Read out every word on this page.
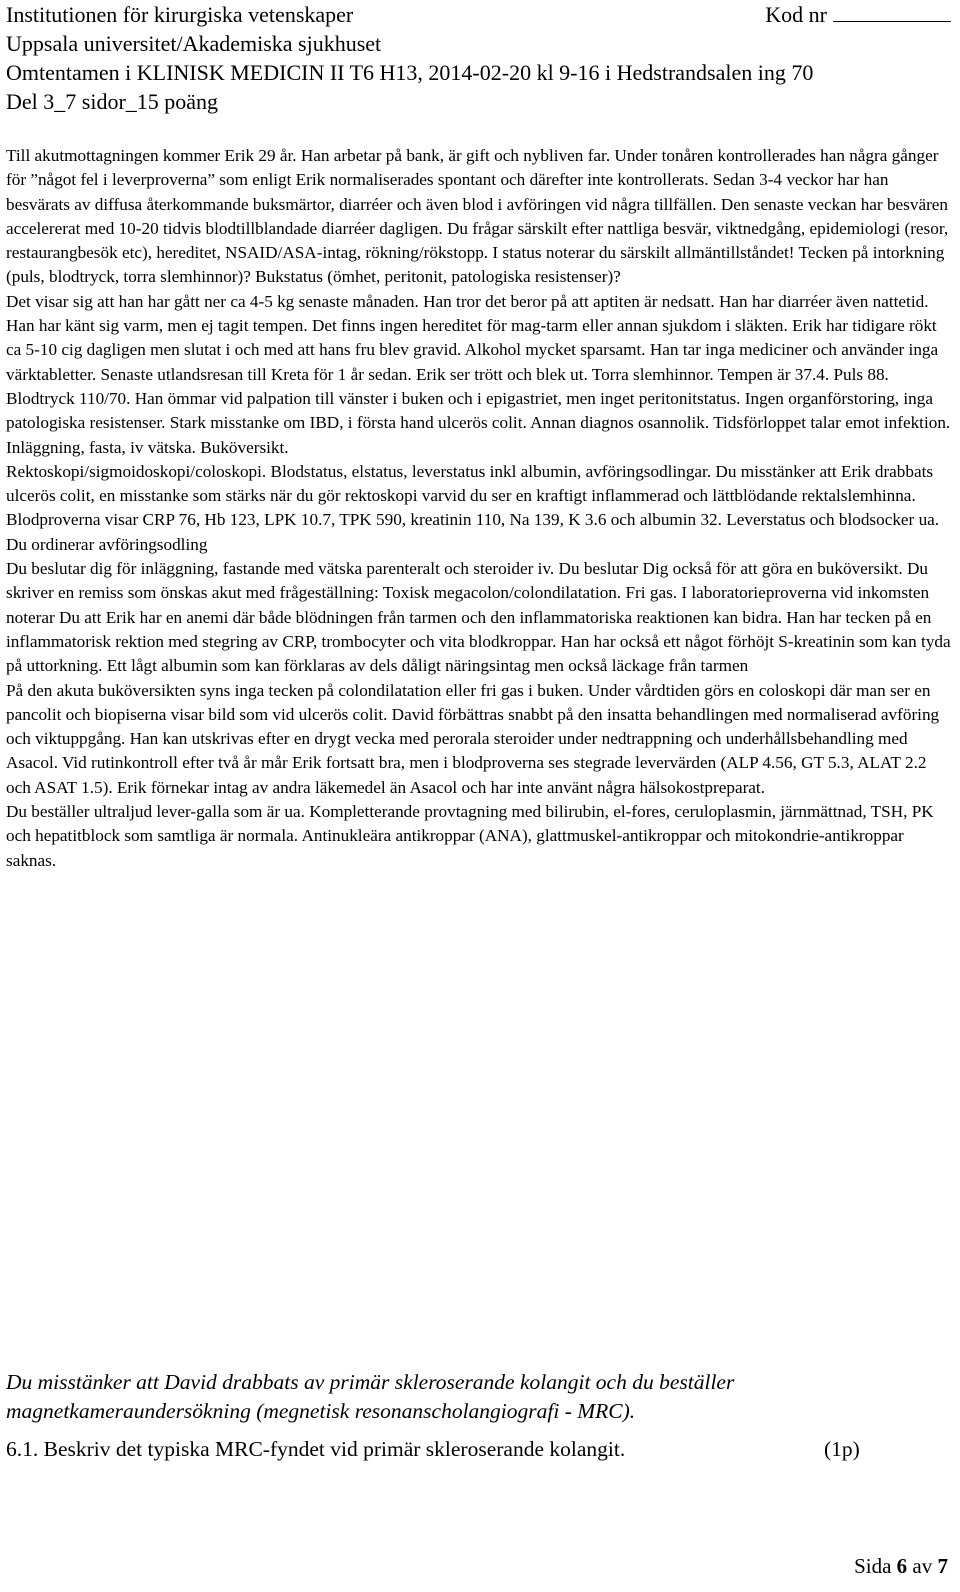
Institutionen för kirurgiska vetenskaper	Kod nr
Uppsala universitet/Akademiska sjukhuset
Omtentamen i KLINISK MEDICIN II T6 H13, 2014-02-20 kl 9-16 i Hedstrandsalen ing 70
Del 3_7 sidor_15 poäng

Till akutmottagningen kommer Erik 29 år. Han arbetar på bank, är gift och nybliven far. Under tonåren kontrollerades han några gånger för ”något fel i leverproverna” som enligt Erik normaliserades spontant och därefter inte kontrollerats. Sedan 3-4 veckor har han besvärats av diffusa återkommande buksmärtor, diarréer och även blod i avföringen vid några tillfällen. Den senaste veckan har besvären accelererat med 10-20 tidvis blodtillblandade diarréer dagligen. Du frågar särskilt efter nattliga besvär, viktnedgång, epidemiologi (resor, restaurangbesök etc), hereditet, NSAID/ASA-intag, rökning/rökstopp. I status noterar du särskilt allmäntillståndet! Tecken på intorkning (puls, blodtryck, torra slemhinnor)? Bukstatus (ömhet, peritonit, patologiska resistenser)?

Det visar sig att han har gått ner ca 4-5 kg senaste månaden. Han tror det beror på att aptiten är nedsatt. Han har diarréer även nattetid. Han har känt sig varm, men ej tagit tempen. Det finns ingen hereditet för mag-tarm eller annan sjukdom i släkten. Erik har tidigare rökt ca 5-10 cig dagligen men slutat i och med att hans fru blev gravid. Alkohol mycket sparsamt. Han tar inga mediciner och använder inga värktabletter. Senaste utlandsresan till Kreta för 1 år sedan. Erik ser trött och blek ut. Torra slemhinnor. Tempen är 37.4. Puls 88. Blodtryck 110/70. Han ömmar vid palpation till vänster i buken och i epigastriet, men inget peritonitstatus. Ingen organförstoring, inga patologiska resistenser. Stark misstanke om IBD, i första hand ulcerös colit. Annan diagnos osannolik. Tidsförloppet talar emot infektion. Inläggning, fasta, iv vätska. Buköversikt.

Rektoskopi/sigmoidoskopi/coloskopi. Blodstatus, elstatus, leverstatus inkl albumin, avföringsodlingar. Du misstänker att Erik drabbats ulcerös colit, en misstanke som stärks när du gör rektoskopi varvid du ser en kraftigt inflammerad och lättblödande rektalslemhinna. Blodproverna visar CRP 76, Hb 123, LPK 10.7, TPK 590, kreatinin 110, Na 139, K 3.6 och albumin 32. Leverstatus och blodsocker ua. Du ordinerar avföringsodling

Du beslutar dig för inläggning, fastande med vätska parenteralt och steroider iv. Du beslutar Dig också för att göra en buköversikt. Du skriver en remiss som önskas akut med frågeställning: Toxisk megacolon/colondilatation. Fri gas. I laboratorieproverna vid inkomsten noterar Du att Erik har en anemi där både blödningen från tarmen och den inflammatoriska reaktionen kan bidra. Han har tecken på en inflammatorisk rektion med stegring av CRP, trombocyter och vita blodkroppar. Han har också ett något förhöjt S-kreatinin som kan tyda på uttorkning. Ett lågt albumin som kan förklaras av dels dåligt näringsintag men också läckage från tarmen

På den akuta buköversikten syns inga tecken på colondilatation eller fri gas i buken. Under vårdtiden görs en coloskopi där man ser en pancolit och biopiserna visar bild som vid ulcerös colit. David förbättras snabbt på den insatta behandlingen med normaliserad avföring och viktuppgång. Han kan utskrivas efter en drygt vecka med perorala steroider under nedtrappning och underhållsbehandling med Asacol. Vid rutinkontroll efter två år mår Erik fortsatt bra, men i blodproverna ses stegrade levervärden (ALP 4.56, GT 5.3, ALAT 2.2 och ASAT 1.5). Erik förnekar intag av andra läkemedel än Asacol och har inte använt några hälsokostpreparat.

Du beställer ultraljud lever-galla som är ua. Kompletterande provtagning med bilirubin, el-fores, ceruloplasmin, järnmättnad, TSH, PK och hepatitblock som samtliga är normala. Antinukleära antikroppar (ANA), glattmuskel-antikroppar och mitokondrie-antikroppar saknas.

Du misstänker att David drabbats av primär skleroserande kolangit och du beställer magnetkameraundersökning (megnetisk resonanscholangiografi - MRC).

6.1. Beskriv det typiska MRC-fyndet vid primär skleroserande kolangit.	(1p)
Sida 6 av 7
